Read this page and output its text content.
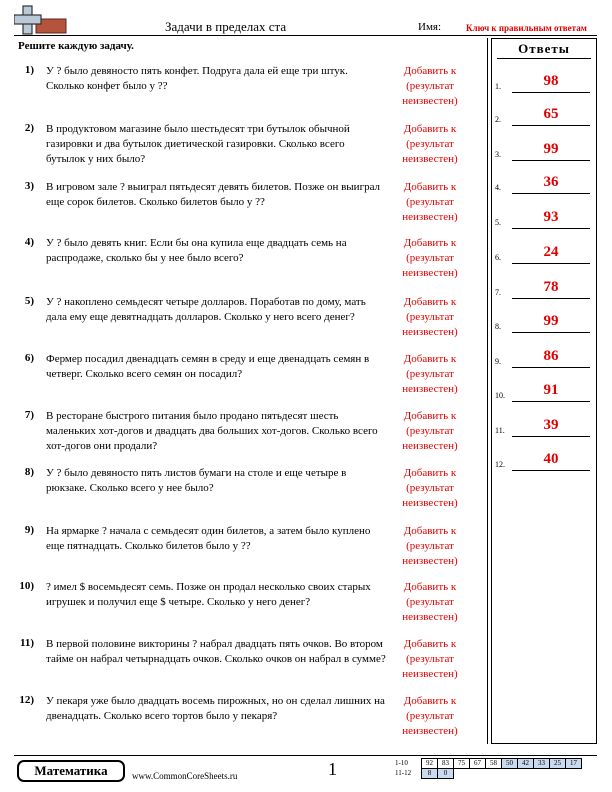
Задачи в пределах ста	Имя:	Ключ к правильным ответам
Решите каждую задачу.
1) У ? было девяносто пять конфет. Подруга дала ей еще три штук. Сколько конфет было у ??
Добавить к (результат неизвестен)
2) В продуктовом магазине было шестьдесят три бутылок обычной газировки и два бутылок диетической газировки. Сколько всего бутылок у них было?
Добавить к (результат неизвестен)
3) В игровом зале ? выиграл пятьдесят девять билетов. Позже он выиграл еще сорок билетов. Сколько билетов было у ??
Добавить к (результат неизвестен)
4) У ? было девять книг. Если бы она купила еще двадцать семь на распродаже, сколько бы у нее было всего?
Добавить к (результат неизвестен)
5) У ? накоплено семьдесят четыре долларов. Поработав по дому, мать дала ему еще девятнадцать долларов. Сколько у него всего денег?
Добавить к (результат неизвестен)
6) Фермер посадил двенадцать семян в среду и еще двенадцать семян в четверг. Сколько всего семян он посадил?
Добавить к (результат неизвестен)
7) В ресторане быстрого питания было продано пятьдесят шесть маленьких хот-догов и двадцать два больших хот-догов. Сколько всего хот-догов они продали?
Добавить к (результат неизвестен)
8) У ? было девяносто пять листов бумаги на столе и еще четыре в рюкзаке. Сколько всего у нее было?
Добавить к (результат неизвестен)
9) На ярмарке ? начала с семьдесят один билетов, а затем было куплено еще пятнадцать. Сколько билетов было у ??
Добавить к (результат неизвестен)
10) ? имел $ восемьдесят семь. Позже он продал несколько своих старых игрушек и получил еще $ четыре. Сколько у него денег?
Добавить к (результат неизвестен)
11) В первой половине викторины ? набрал двадцать пять очков. Во втором тайме он набрал четырнадцать очков. Сколько очков он набрал в сумме?
Добавить к (результат неизвестен)
12) У пекаря уже было двадцать восемь пирожных, но он сделал лишних на двенадцать. Сколько всего тортов было у пекаря?
Добавить к (результат неизвестен)
Ответы
1.	98
2.	65
3.	99
4.	36
5.	93
6.	24
7.	78
8.	99
9.	86
10.	91
11.	39
12.	40
Математика	www.CommonCoreSheets.ru	1	1-10	92	83	75	67	58	50	42	33	25	17
11-12	8	0								
